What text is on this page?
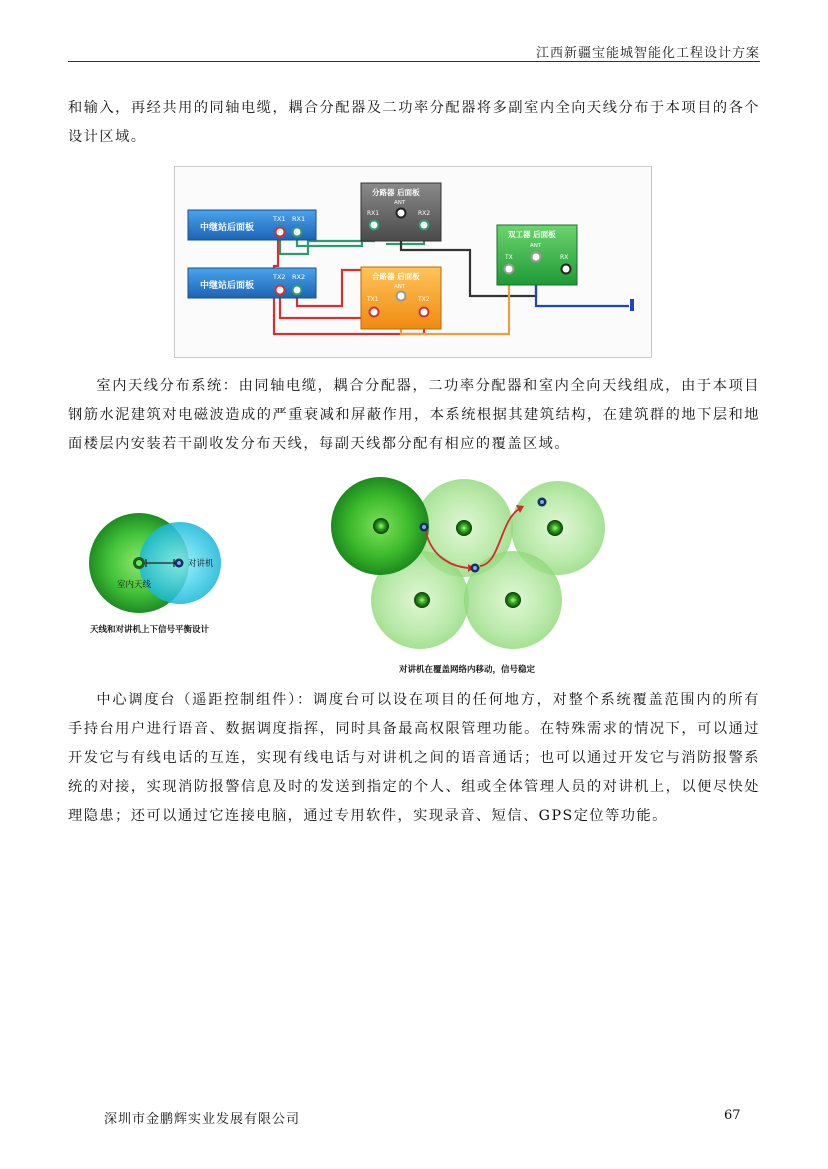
江西新疆宝能城智能化工程设计方案

和输入，再经共用的同轴电缆，耦合分配器及二功率分配器将多副室内全向天线分布于本项目的各个设计区域。

中继站后面板
TX1 RX1
中继站后面板
TX2 RX2
分路器 后面板
ANT
RX1	RX2
合路器 后面板
ANT
TX1	TX2
双工器 后面板
ANT
TX	RX

室内天线分布系统：由同轴电缆，耦合分配器，二功率分配器和室内全向天线组成，由于本项目钢筋水泥建筑对电磁波造成的严重衰减和屏蔽作用，本系统根据其建筑结构，在建筑群的地下层和地面楼层内安装若干副收发分布天线，每副天线都分配有相应的覆盖区域。

对讲机
室内天线
天线和对讲机上下信号平衡设计
对讲机在覆盖网络内移动，信号稳定

中心调度台（遥距控制组件）：调度台可以设在项目的任何地方，对整个系统覆盖范围内的所有手持台用户进行语音、数据调度指挥，同时具备最高权限管理功能。在特殊需求的情况下，可以通过开发它与有线电话的互连，实现有线电话与对讲机之间的语音通话；也可以通过开发它与消防报警系统的对接，实现消防报警信息及时的发送到指定的个人、组或全体管理人员的对讲机上，以便尽快处理隐患；还可以通过它连接电脑，通过专用软件，实现录音、短信、GPS定位等功能。

深圳市金鹏辉实业发展有限公司	67
